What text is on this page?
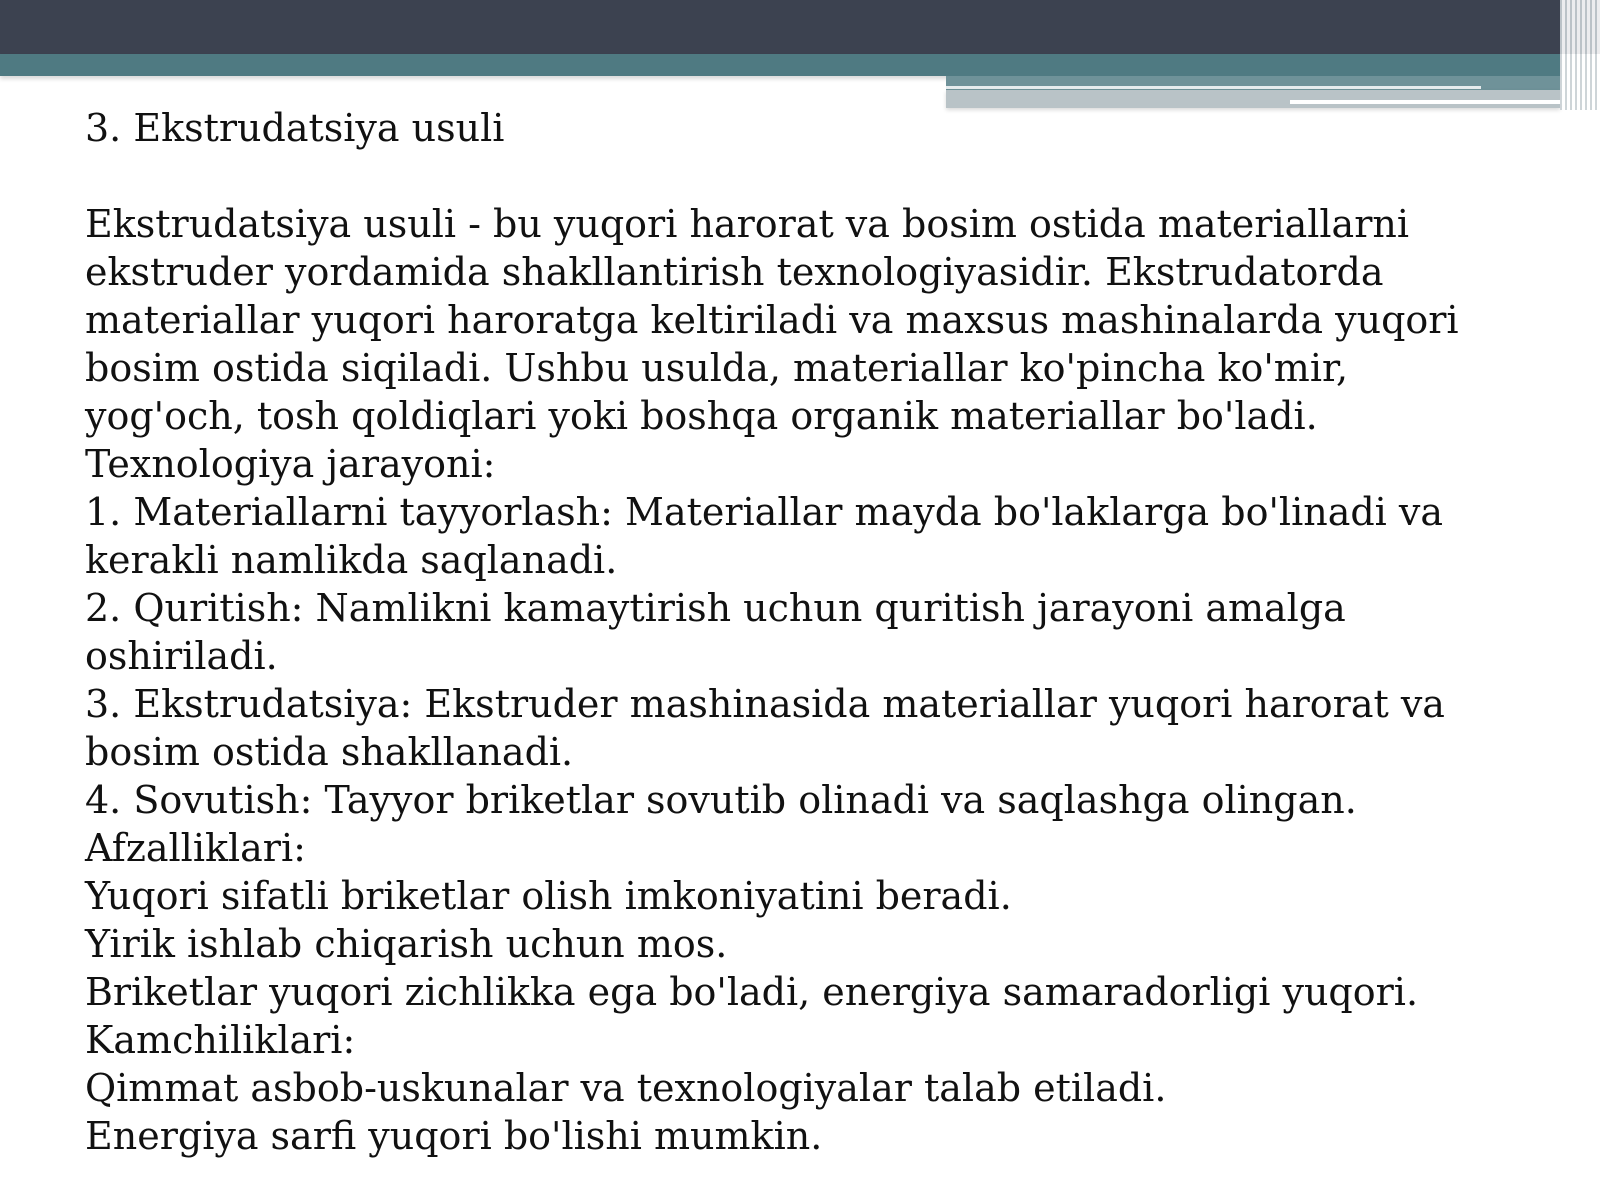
3. Ekstrudatsiya usuli
Ekstrudatsiya usuli - bu yuqori harorat va bosim ostida materiallarni
ekstruder yordamida shakllantirish texnologiyasidir. Ekstrudatorda
materiallar yuqori haroratga keltiriladi va maxsus mashinalarda yuqori
bosim ostida siqiladi. Ushbu usulda, materiallar ko'pincha ko'mir,
yog'och, tosh qoldiqlari yoki boshqa organik materiallar bo'ladi.
Texnologiya jarayoni:
1. Materiallarni tayyorlash: Materiallar mayda bo'laklarga bo'linadi va
kerakli namlikda saqlanadi.
2. Quritish: Namlikni kamaytirish uchun quritish jarayoni amalga
oshiriladi.
3. Ekstrudatsiya: Ekstruder mashinasida materiallar yuqori harorat va
bosim ostida shakllanadi.
4. Sovutish: Tayyor briketlar sovutib olinadi va saqlashga olingan.
Afzalliklari:
Yuqori sifatli briketlar olish imkoniyatini beradi.
Yirik ishlab chiqarish uchun mos.
Briketlar yuqori zichlikka ega bo'ladi, energiya samaradorligi yuqori.
Kamchiliklari:
Qimmat asbob-uskunalar va texnologiyalar talab etiladi.
Energiya sarfi yuqori bo'lishi mumkin.
